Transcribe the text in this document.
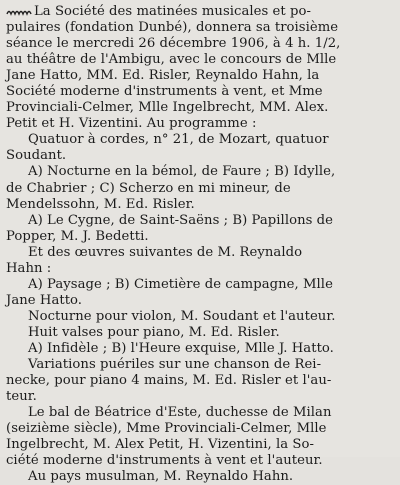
La Société des matinées musicales et po-
pulaires (fondation Dunbé), donnera sa troisième
séance le mercredi 26 décembre 1906, à 4 h. 1/2,
au théâtre de l'Ambigu, avec le concours de Mlle
Jane Hatto, MM. Ed. Risler, Reynaldo Hahn, la
Société moderne d'instruments à vent, et Mme
Provinciali-Celmer, Mlle Ingelbrecht, MM. Alex.
Petit et H. Vizentini. Au programme :
Quatuor à cordes, n° 21, de Mozart, quatuor
Soudant.
A) Nocturne en la bémol, de Faure ; B) Idylle,
de Chabrier ; C) Scherzo en mi mineur, de
Mendelssohn, M. Ed. Risler.
A) Le Cygne, de Saint-Saëns ; B) Papillons de
Popper, M. J. Bedetti.
Et des œuvres suivantes de M. Reynaldo
Hahn :
A) Paysage ; B) Cimetière de campagne, Mlle
Jane Hatto.
Nocturne pour violon, M. Soudant et l'auteur.
Huit valses pour piano, M. Ed. Risler.
A) Infidèle ; B) l'Heure exquise, Mlle J. Hatto.
Variations puériles sur une chanson de Rei-
necke, pour piano 4 mains, M. Ed. Risler et l'au-
teur.
Le bal de Béatrice d'Este, duchesse de Milan
(seizième siècle), Mme Provinciali-Celmer, Mlle
Ingelbrecht, M. Alex Petit, H. Vizentini, la So-
ciété moderne d'instruments à vent et l'auteur.
Au pays musulman, M. Reynaldo Hahn.
